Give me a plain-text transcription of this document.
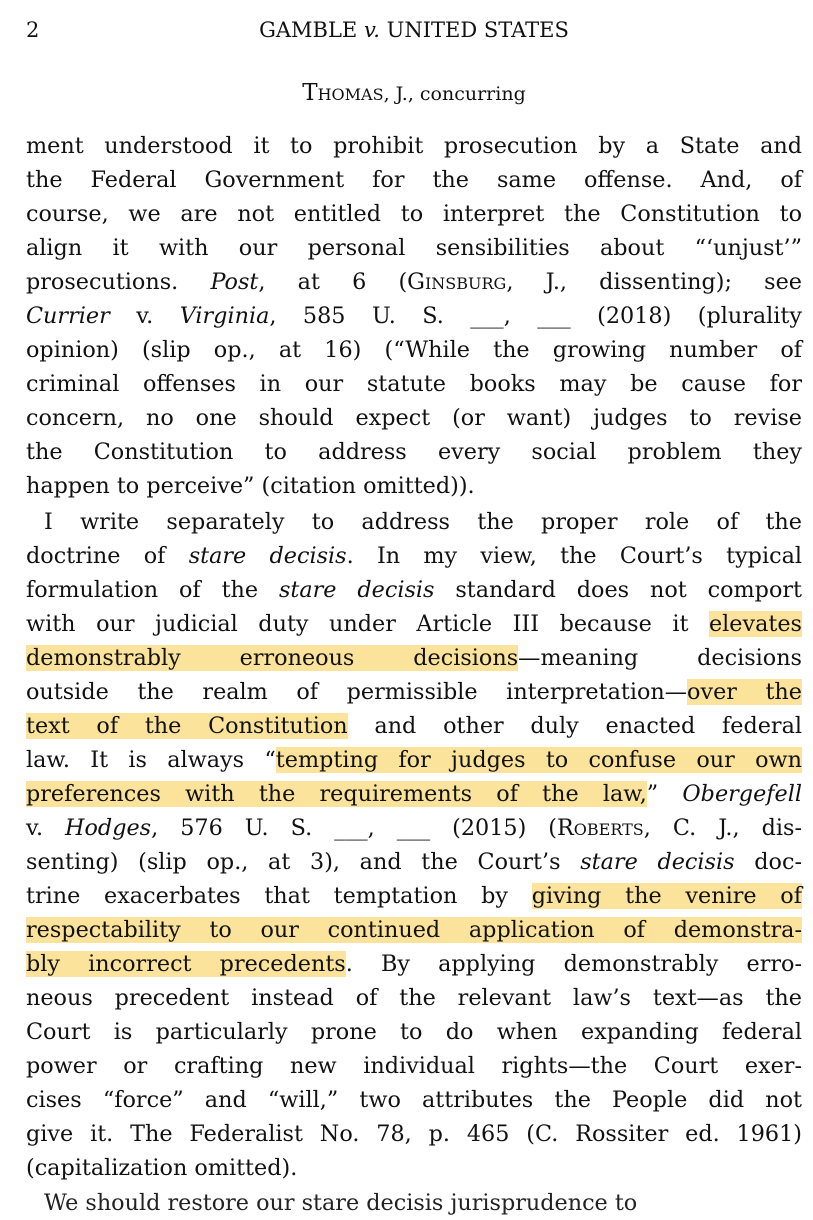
2	GAMBLE v. UNITED STATES
Thomas, J., concurring
ment understood it to prohibit prosecution by a State and
the Federal Government for the same offense. And, of
course, we are not entitled to interpret the Constitution to
align it with our personal sensibilities about “‘unjust’”
prosecutions. Post, at 6 (Ginsburg, J., dissenting); see
Currier v. Virginia, 585 U. S. ___, ___ (2018) (plurality
opinion) (slip op., at 16) (“While the growing number of
criminal offenses in our statute books may be cause for
concern, no one should expect (or want) judges to revise
the Constitution to address every social problem they
happen to perceive” (citation omitted)).
I write separately to address the proper role of the
doctrine of stare decisis. In my view, the Court’s typical
formulation of the stare decisis standard does not comport
with our judicial duty under Article III because it elevates
demonstrably erroneous decisions—meaning decisions
outside the realm of permissible interpretation—over the
text of the Constitution and other duly enacted federal
law. It is always “tempting for judges to confuse our own
preferences with the requirements of the law,” Obergefell
v. Hodges, 576 U. S. ___, ___ (2015) (Roberts, C. J., dis-
senting) (slip op., at 3), and the Court’s stare decisis doc-
trine exacerbates that temptation by giving the venire of
respectability to our continued application of demonstra-
bly incorrect precedents. By applying demonstrably erro-
neous precedent instead of the relevant law’s text—as the
Court is particularly prone to do when expanding federal
power or crafting new individual rights—the Court exer-
cises “force” and “will,” two attributes the People did not
give it. The Federalist No. 78, p. 465 (C. Rossiter ed. 1961)
(capitalization omitted).
We should restore our stare decisis jurisprudence to
